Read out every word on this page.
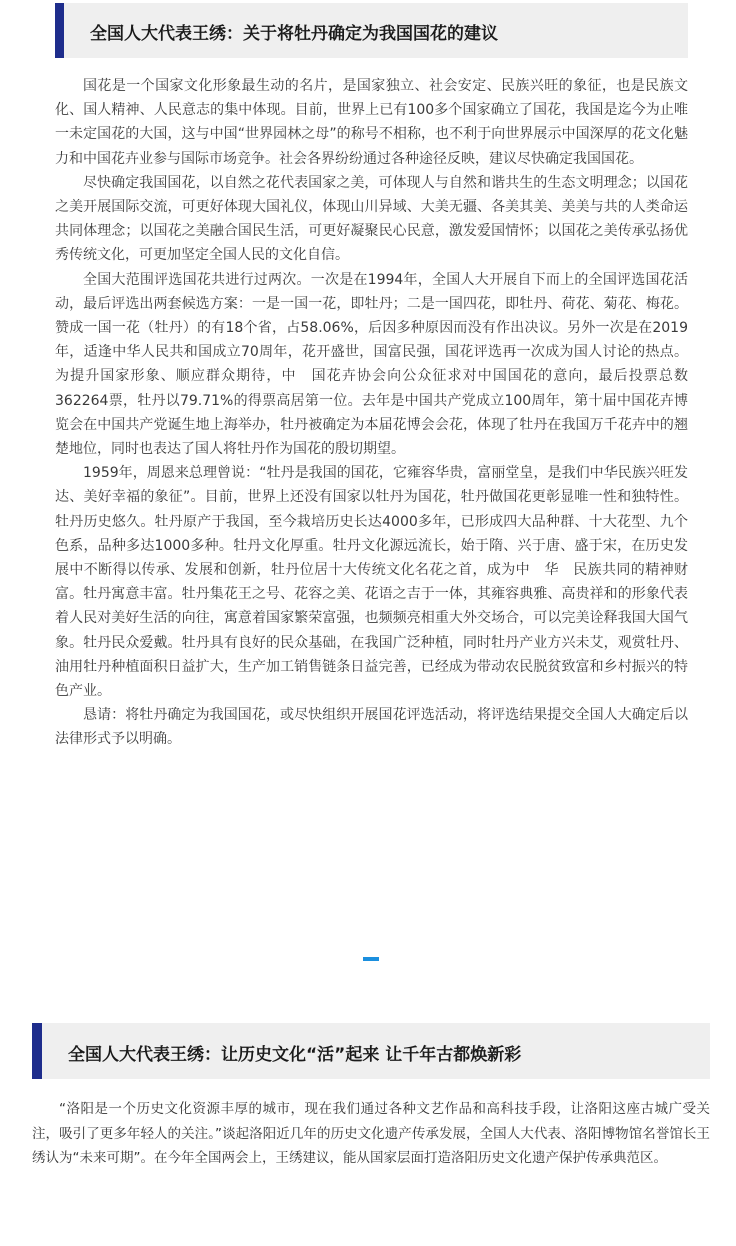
全国人大代表王绣：关于将牡丹确定为我国国花的建议

国花是一个国家文化形象最生动的名片，是国家独立、社会安定、民族兴旺的象征，也是民族文化、国人精神、人民意志的集中体现。目前，世界上已有100多个国家确立了国花，我国是迄今为止唯一未定国花的大国，这与中国“世界园林之母”的称号不相称，也不利于向世界展示中国深厚的花文化魅力和中国花卉业参与国际市场竞争。社会各界纷纷通过各种途径反映，建议尽快确定我国国花。

尽快确定我国国花，以自然之花代表国家之美，可体现人与自然和谐共生的生态文明理念；以国花之美开展国际交流，可更好体现大国礼仪，体现山川异域、大美无疆、各美其美、美美与共的人类命运共同体理念；以国花之美融合国民生活，可更好凝聚民心民意，激发爱国情怀；以国花之美传承弘扬优秀传统文化，可更加坚定全国人民的文化自信。

全国大范围评选国花共进行过两次。一次是在1994年，全国人大开展自下而上的全国评选国花活动，最后评选出两套候选方案：一是一国一花，即牡丹；二是一国四花，即牡丹、荷花、菊花、梅花。赞成一国一花（牡丹）的有18个省，占58.06%，后因多种原因而没有作出决议。另外一次是在2019年，适逢中华人民共和国成立70周年，花开盛世，国富民强，国花评选再一次成为国人讨论的热点。为提升国家形象、顺应群众期待，中　国花卉协会向公众征求对中国国花的意向，最后投票总数362264票，牡丹以79.71%的得票高居第一位。去年是中国共产党成立100周年，第十届中国花卉博览会在中国共产党诞生地上海举办，牡丹被确定为本届花博会会花，体现了牡丹在我国万千花卉中的翘楚地位，同时也表达了国人将牡丹作为国花的殷切期望。

1959年，周恩来总理曾说：“牡丹是我国的国花，它雍容华贵，富丽堂皇，是我们中华民族兴旺发达、美好幸福的象征”。目前，世界上还没有国家以牡丹为国花，牡丹做国花更彰显唯一性和独特性。牡丹历史悠久。牡丹原产于我国，至今栽培历史长达4000多年，已形成四大品种群、十大花型、九个色系，品种多达1000多种。牡丹文化厚重。牡丹文化源远流长，始于隋、兴于唐、盛于宋，在历史发展中不断得以传承、发展和创新，牡丹位居十大传统文化名花之首，成为中　华　民族共同的精神财富。牡丹寓意丰富。牡丹集花王之号、花容之美、花语之吉于一体，其雍容典雅、高贵祥和的形象代表着人民对美好生活的向往，寓意着国家繁荣富强，也频频亮相重大外交场合，可以完美诠释我国大国气象。牡丹民众爱戴。牡丹具有良好的民众基础，在我国广泛种植，同时牡丹产业方兴未艾，观赏牡丹、油用牡丹种植面积日益扩大，生产加工销售链条日益完善，已经成为带动农民脱贫致富和乡村振兴的特色产业。

恳请：将牡丹确定为我国国花，或尽快组织开展国花评选活动，将评选结果提交全国人大确定后以法律形式予以明确。

全国人大代表王绣：让历史文化“活”起来 让千年古都焕新彩

“洛阳是一个历史文化资源丰厚的城市，现在我们通过各种文艺作品和高科技手段，让洛阳这座古城广受关注，吸引了更多年轻人的关注。”谈起洛阳近几年的历史文化遗产传承发展，全国人大代表、洛阳博物馆名誉馆长王绣认为“未来可期”。在今年全国两会上，王绣建议，能从国家层面打造洛阳历史文化遗产保护传承典范区。
